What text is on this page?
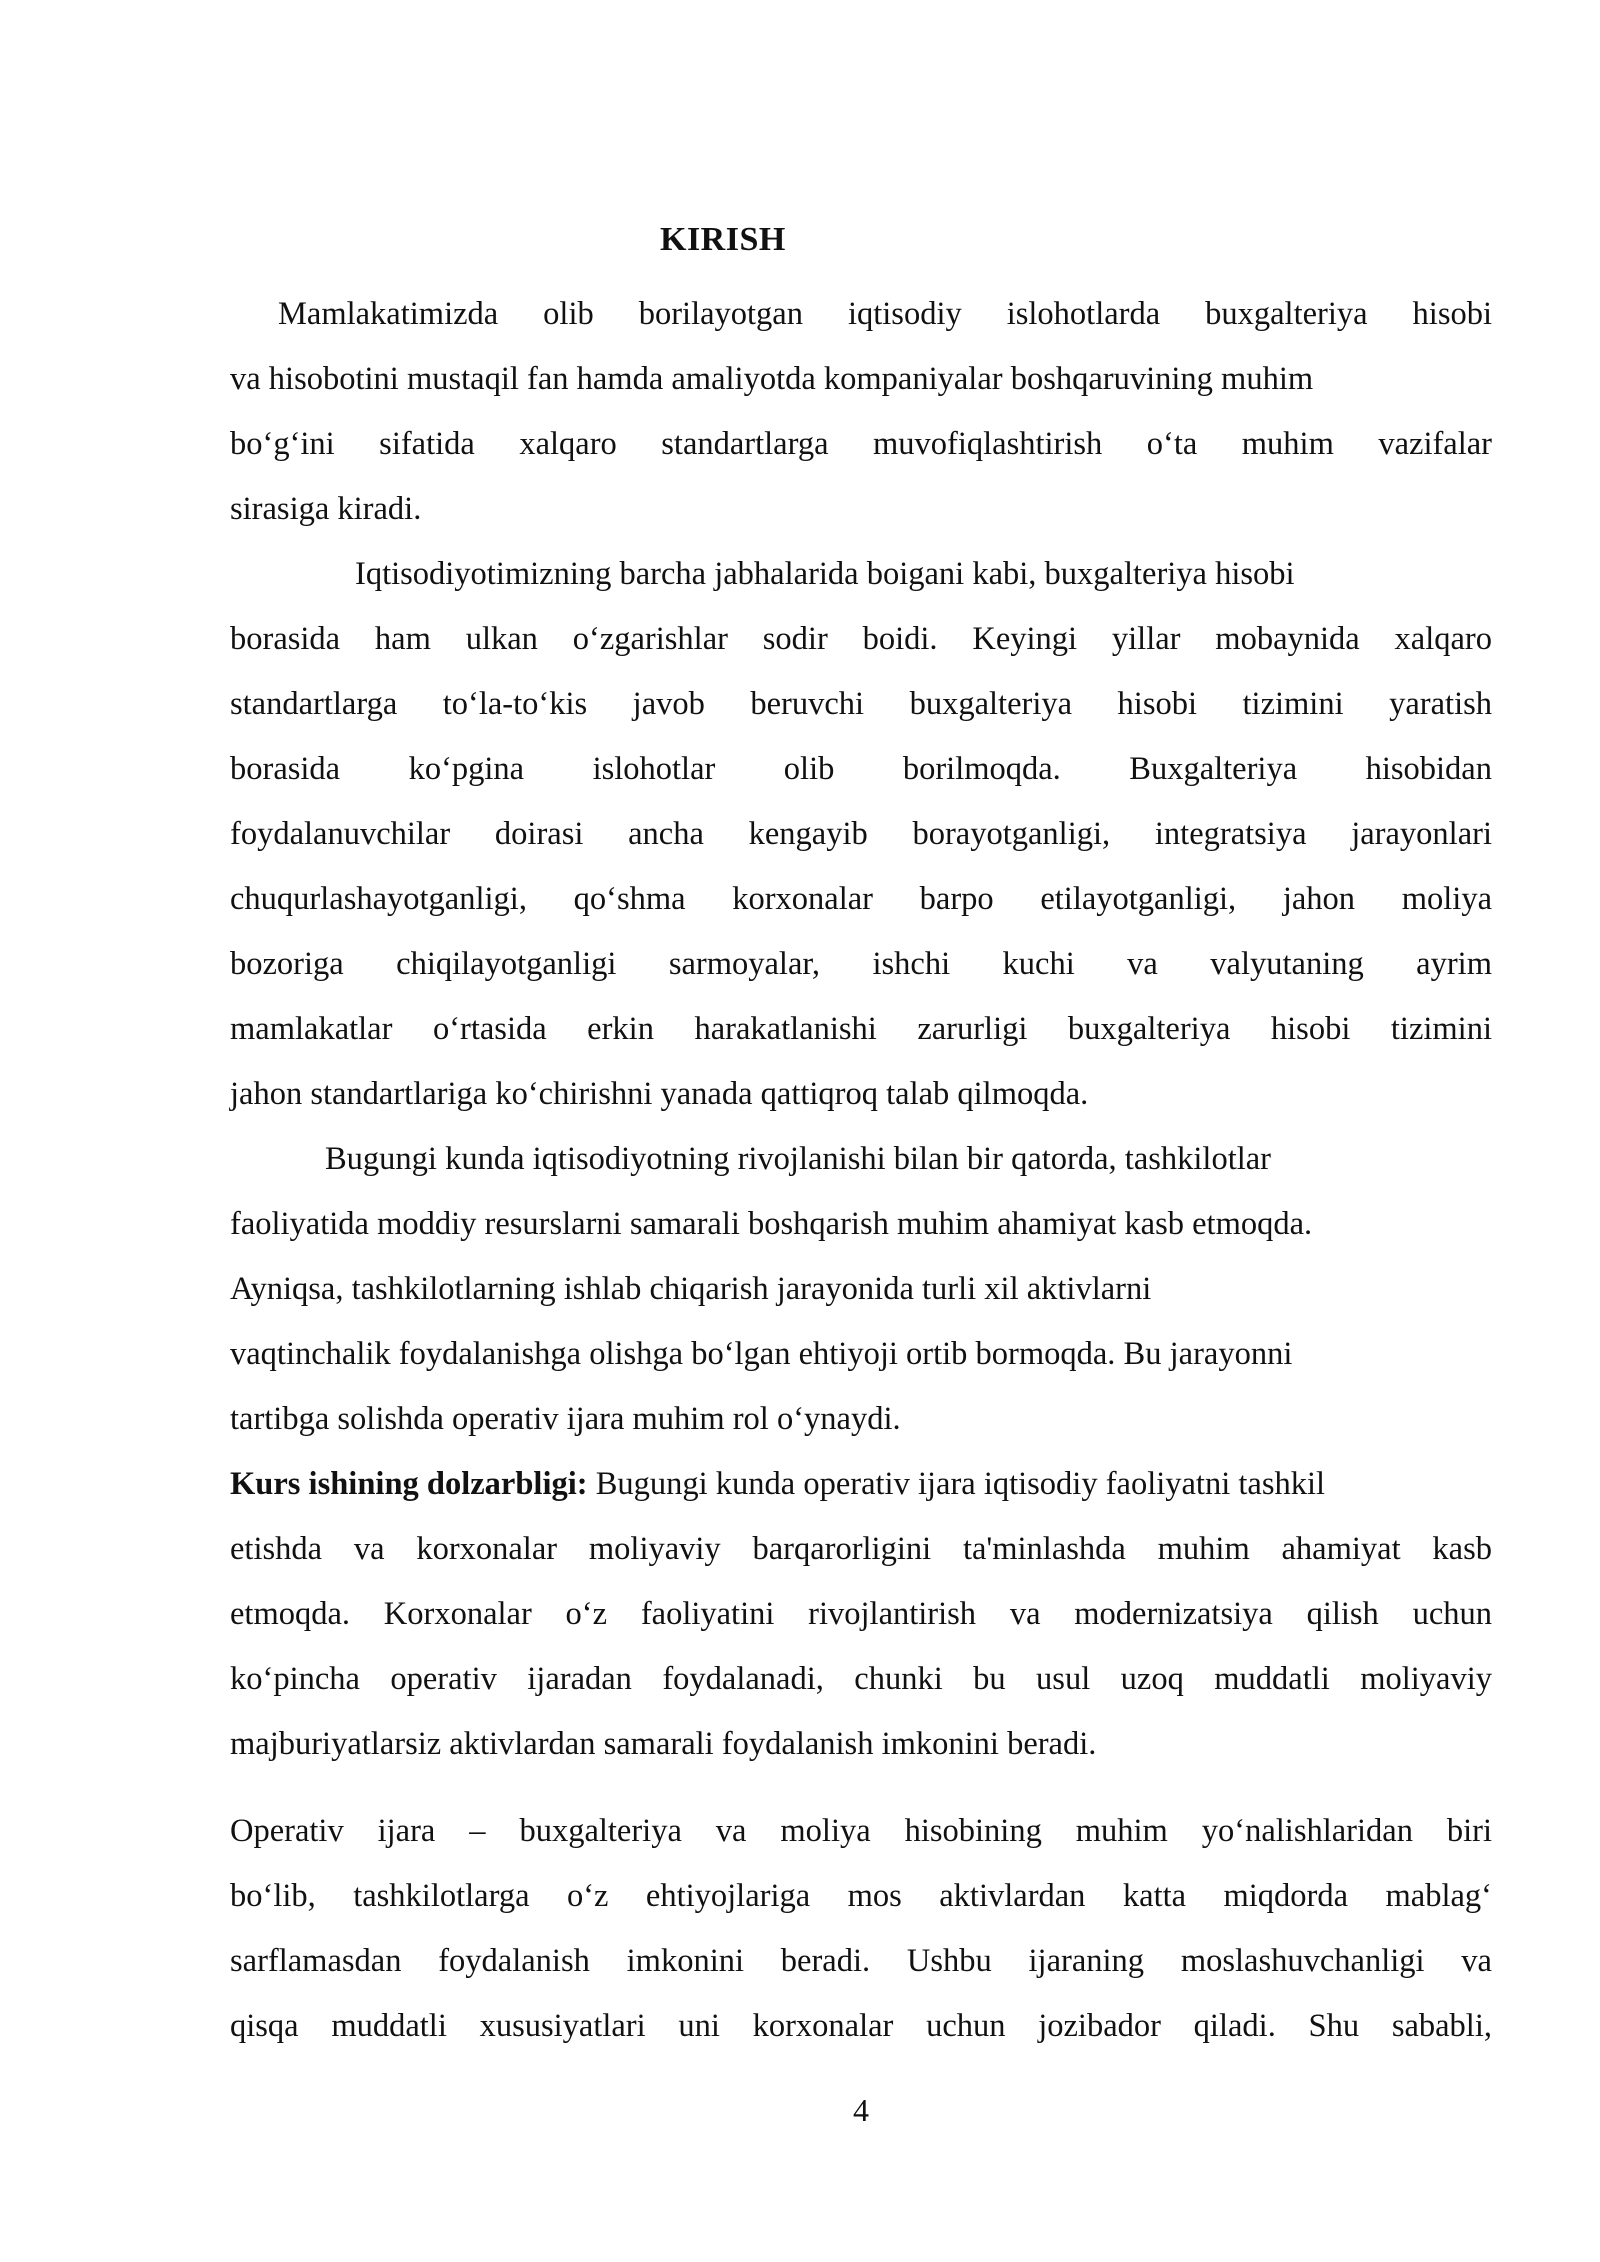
KIRISH

Mamlakatimizda olib borilayotgan iqtisodiy islohotlarda buxgalteriya hisobi
va hisobotini mustaqil fan hamda amaliyotda kompaniyalar boshqaruvining muhim
bo‘g‘ini sifatida xalqaro standartlarga muvofiqlashtirish o‘ta muhim vazifalar
sirasiga kiradi.

Iqtisodiyotimizning barcha jabhalarida boigani kabi, buxgalteriya hisobi
borasida ham ulkan o‘zgarishlar sodir boidi. Keyingi yillar mobaynida xalqaro
standartlarga to‘la-to‘kis javob beruvchi buxgalteriya hisobi tizimini yaratish
borasida ko‘pgina islohotlar olib borilmoqda. Buxgalteriya hisobidan
foydalanuvchilar doirasi ancha kengayib borayotganligi, integratsiya jarayonlari
chuqurlashayotganligi, qo‘shma korxonalar barpo etilayotganligi, jahon moliya
bozoriga chiqilayotganligi sarmoyalar, ishchi kuchi va valyutaning ayrim
mamlakatlar o‘rtasida erkin harakatlanishi zarurligi buxgalteriya hisobi tizimini
jahon standartlariga ko‘chirishni yanada qattiqroq talab qilmoqda.

Bugungi kunda iqtisodiyotning rivojlanishi bilan bir qatorda, tashkilotlar
faoliyatida moddiy resurslarni samarali boshqarish muhim ahamiyat kasb etmoqda.
Ayniqsa, tashkilotlarning ishlab chiqarish jarayonida turli xil aktivlarni
vaqtinchalik foydalanishga olishga bo‘lgan ehtiyoji ortib bormoqda. Bu jarayonni
tartibga solishda operativ ijara muhim rol o‘ynaydi.

Kurs ishining dolzarbligi: Bugungi kunda operativ ijara iqtisodiy faoliyatni tashkil
etishda va korxonalar moliyaviy barqarorligini ta'minlashda muhim ahamiyat kasb
etmoqda. Korxonalar o‘z faoliyatini rivojlantirish va modernizatsiya qilish uchun
ko‘pincha operativ ijaradan foydalanadi, chunki bu usul uzoq muddatli moliyaviy
majburiyatlarsiz aktivlardan samarali foydalanish imkonini beradi.

Operativ ijara – buxgalteriya va moliya hisobining muhim yo‘nalishlaridan biri
bo‘lib, tashkilotlarga o‘z ehtiyojlariga mos aktivlardan katta miqdorda mablag‘
sarflamasdan foydalanish imkonini beradi. Ushbu ijaraning moslashuvchanligi va
qisqa muddatli xususiyatlari uni korxonalar uchun jozibador qiladi. Shu sababli,

4
